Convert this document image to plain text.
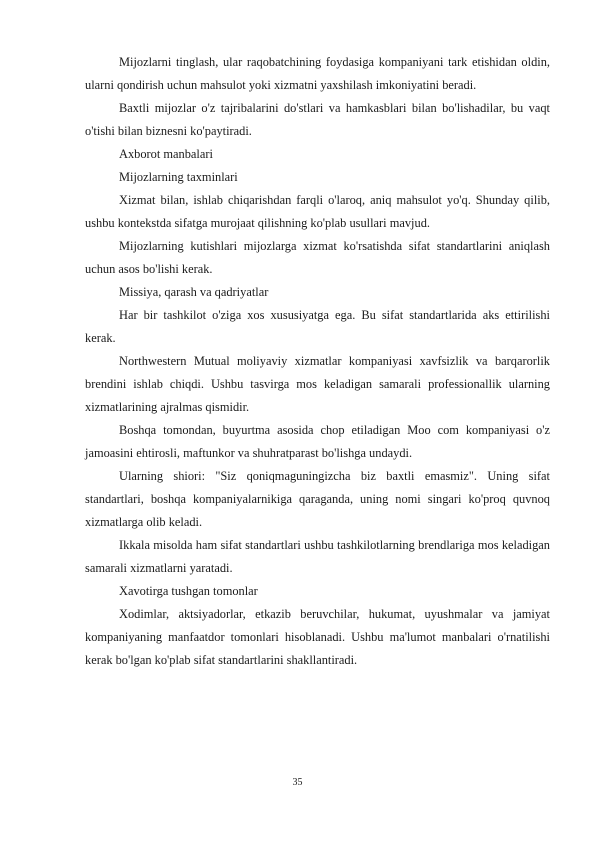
Mijozlarni tinglash, ular raqobatchining foydasiga kompaniyani tark etishidan oldin, ularni qondirish uchun mahsulot yoki xizmatni yaxshilash imkoniyatini beradi.

Baxtli mijozlar o'z tajribalarini do'stlari va hamkasblari bilan bo'lishadilar, bu vaqt o'tishi bilan biznesni ko'paytiradi.

Axborot manbalari

Mijozlarning taxminlari

Xizmat bilan, ishlab chiqarishdan farqli o'laroq, aniq mahsulot yo'q. Shunday qilib, ushbu kontekstda sifatga murojaat qilishning ko'plab usullari mavjud.

Mijozlarning kutishlari mijozlarga xizmat ko'rsatishda sifat standartlarini aniqlash uchun asos bo'lishi kerak.

Missiya, qarash va qadriyatlar

Har bir tashkilot o'ziga xos xususiyatga ega. Bu sifat standartlarida aks ettirilishi kerak.

Northwestern Mutual moliyaviy xizmatlar kompaniyasi xavfsizlik va barqarorlik brendini ishlab chiqdi. Ushbu tasvirga mos keladigan samarali professionallik ularning xizmatlarining ajralmas qismidir.

Boshqa tomondan, buyurtma asosida chop etiladigan Moo com kompaniyasi o'z jamoasini ehtirosli, maftunkor va shuhratparast bo'lishga undaydi.

Ularning shiori: "Siz qoniqmaguningizcha biz baxtli emasmiz". Uning sifat standartlari, boshqa kompaniyalarnikiga qaraganda, uning nomi singari ko'proq quvnoq xizmatlarga olib keladi.

Ikkala misolda ham sifat standartlari ushbu tashkilotlarning brendlariga mos keladigan samarali xizmatlarni yaratadi.

Xavotirga tushgan tomonlar

Xodimlar, aktsiyadorlar, etkazib beruvchilar, hukumat, uyushmalar va jamiyat kompaniyaning manfaatdor tomonlari hisoblanadi. Ushbu ma'lumot manbalari o'rnatilishi kerak bo'lgan ko'plab sifat standartlarini shakllantiradi.

35
